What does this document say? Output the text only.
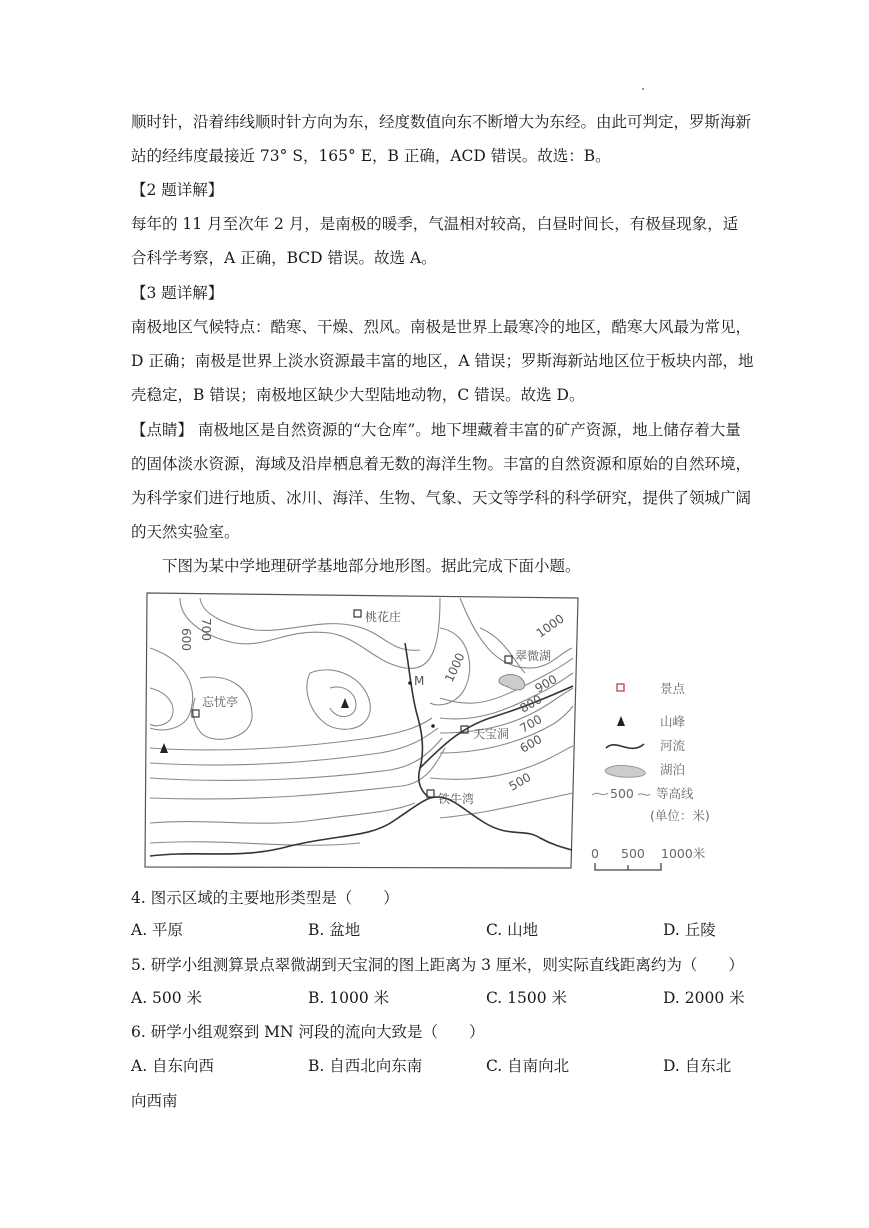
顺时针，沿着纬线顺时针方向为东，经度数值向东不断增大为东经。由此可判定，罗斯海新
站的经纬度最接近 73° S，165° E，B 正确，ACD 错误。故选：B。
【2 题详解】
每年的 11 月至次年 2 月，是南极的暖季，气温相对较高，白昼时间长，有极昼现象，适
合科学考察，A 正确，BCD 错误。故选 A。
【3 题详解】
南极地区气候特点：酷寒、干燥、烈风。南极是世界上最寒冷的地区，酷寒大风最为常见，
D 正确；南极是世界上淡水资源最丰富的地区，A 错误；罗斯海新站地区位于板块内部，地
壳稳定，B 错误；南极地区缺少大型陆地动物，C 错误。故选 D。
【点睛】 南极地区是自然资源的“大仓库”。地下埋藏着丰富的矿产资源，地上储存着大量
的固体淡水资源，海域及沿岸栖息着无数的海洋生物。丰富的自然资源和原始的自然环境，
为科学家们进行地质、冰川、海洋、生物、气象、天文等学科的科学研究，提供了领城广阔
的天然实验室。
下图为某中学地理研学基地部分地形图。据此完成下面小题。
桃花庄
翠微湖
忘忧亭
天宝洞
铁牛湾
600 700	1000
1000	900
800
700
600
500
M	景点
山峰
河流
湖泊
500 等高线
(单位：米)
0 500 1000米
4. 图示区域的主要地形类型是（　　）
A. 平原	B. 盆地	C. 山地	D. 丘陵
5. 研学小组测算景点翠微湖到天宝洞的图上距离为 3 厘米，则实际直线距离约为（　　）
A. 500 米	B. 1000 米	C. 1500 米	D. 2000 米
6. 研学小组观察到 MN 河段的流向大致是（　　）
A. 自东向西	B. 自西北向东南	C. 自南向北	D. 自东北
向西南
